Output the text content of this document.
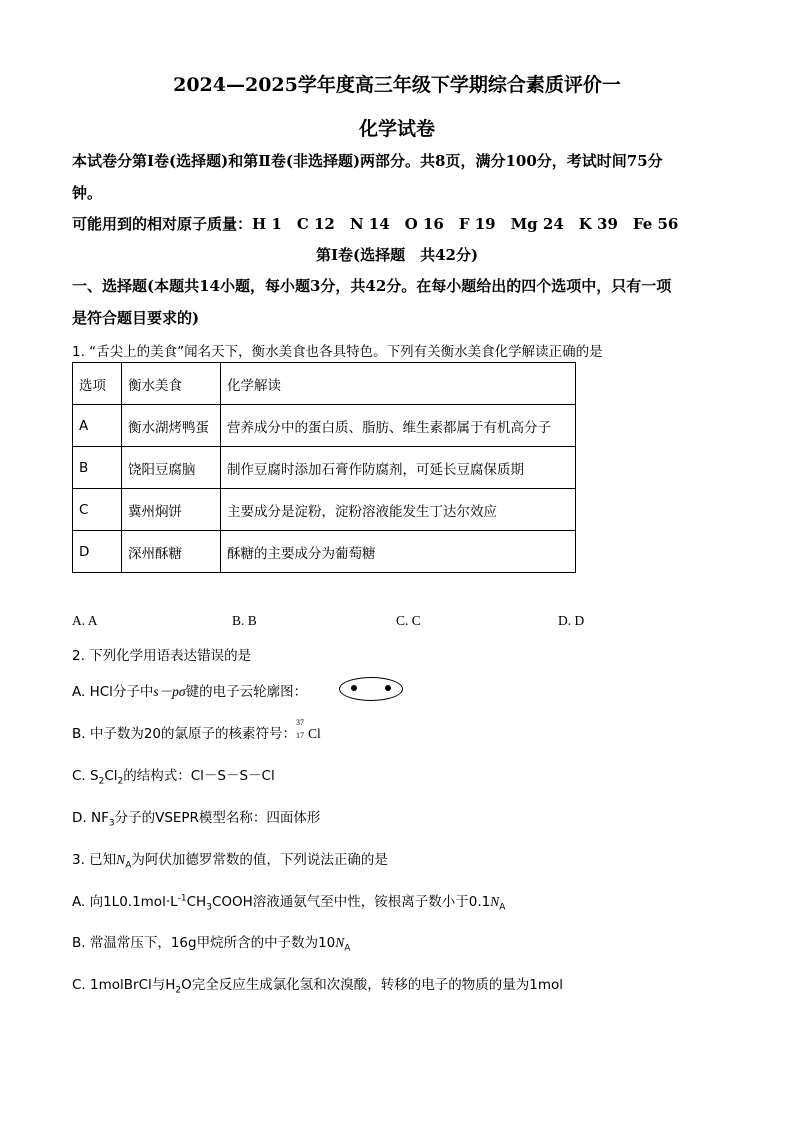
2024—2025学年度高三年级下学期综合素质评价一
化学试卷
本试卷分第Ⅰ卷(选择题)和第Ⅱ卷(非选择题)两部分。共8页，满分100分，考试时间75分
钟。
可能用到的相对原子质量：H 1　C 12　N 14　O 16　F 19　Mg 24　K 39　Fe 56
第Ⅰ卷(选择题　共42分)
一、选择题(本题共14小题，每小题3分，共42分。在每小题给出的四个选项中，只有一项
是符合题目要求的)
1. “舌尖上的美食”闻名天下，衡水美食也各具特色。下列有关衡水美食化学解读正确的是
选项	衡水美食	化学解读
A	衡水湖烤鸭蛋	营养成分中的蛋白质、脂肪、维生素都属于有机高分子
B	饶阳豆腐脑	制作豆腐时添加石膏作防腐剂，可延长豆腐保质期
C	冀州焖饼	主要成分是淀粉，淀粉溶液能发生丁达尔效应
D	深州酥糖	酥糖的主要成分为葡萄糖
A. A	B. B	C. C	D. D
2. 下列化学用语表达错误的是
A. HCl分子中s－pσ键的电子云轮廓图：
B. 中子数为20的氯原子的核素符号：
37
17 Cl
C. $S_2Cl_2$的结构式：Cl－S－S－Cl
D. $NF_3$分子的VSEPR模型名称：四面体形
3. 已知$N_A$为阿伏加德罗常数的值，下列说法正确的是
A. 向$1L0.1mol\cdot L^{-1}CH_3COOH$溶液通氨气至中性，铵根离子数小于$0.1N_A$
B. 常温常压下，16g甲烷所含的中子数为$10N_A$
C. 1molBrCl与$H_2O$完全反应生成氯化氢和次溴酸，转移的电子的物质的量为1mol
